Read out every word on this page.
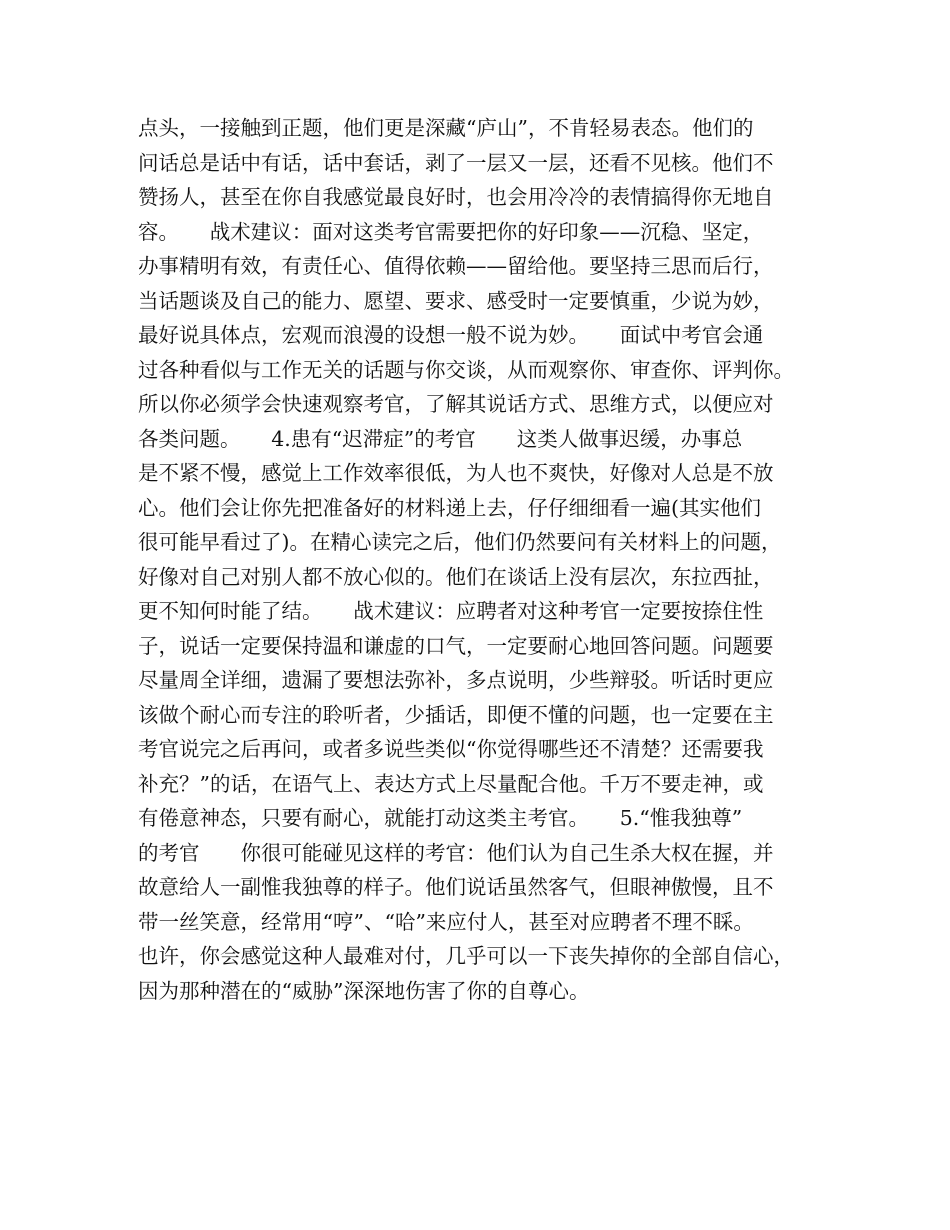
点头，一接触到正题，他们更是深藏“庐山”，不肯轻易表态。他们的
问话总是话中有话，话中套话，剥了一层又一层，还看不见核。他们不
赞扬人，甚至在你自我感觉最良好时，也会用冷冷的表情搞得你无地自
容。　　战术建议：面对这类考官需要把你的好印象——沉稳、坚定，
办事精明有效，有责任心、值得依赖——留给他。要坚持三思而后行，
当话题谈及自己的能力、愿望、要求、感受时一定要慎重，少说为妙，
最好说具体点，宏观而浪漫的设想一般不说为妙。　　面试中考官会通
过各种看似与工作无关的话题与你交谈，从而观察你、审查你、评判你。
所以你必须学会快速观察考官，了解其说话方式、思维方式，以便应对
各类问题。　　4.患有“迟滞症”的考官　　这类人做事迟缓，办事总
是不紧不慢，感觉上工作效率很低，为人也不爽快，好像对人总是不放
心。他们会让你先把准备好的材料递上去，仔仔细细看一遍(其实他们
很可能早看过了)。在精心读完之后，他们仍然要问有关材料上的问题，
好像对自己对别人都不放心似的。他们在谈话上没有层次，东拉西扯，
更不知何时能了结。　　战术建议：应聘者对这种考官一定要按捺住性
子，说话一定要保持温和谦虚的口气，一定要耐心地回答问题。问题要
尽量周全详细，遗漏了要想法弥补，多点说明，少些辩驳。听话时更应
该做个耐心而专注的聆听者，少插话，即便不懂的问题，也一定要在主
考官说完之后再问，或者多说些类似“你觉得哪些还不清楚？还需要我
补充？”的话，在语气上、表达方式上尽量配合他。千万不要走神，或
有倦意神态，只要有耐心，就能打动这类主考官。　　5.“惟我独尊”
的考官　　你很可能碰见这样的考官：他们认为自己生杀大权在握，并
故意给人一副惟我独尊的样子。他们说话虽然客气，但眼神傲慢，且不
带一丝笑意，经常用“哼”、“哈”来应付人，甚至对应聘者不理不睬。
也许，你会感觉这种人最难对付，几乎可以一下丧失掉你的全部自信心，
因为那种潜在的“威胁”深深地伤害了你的自尊心。
